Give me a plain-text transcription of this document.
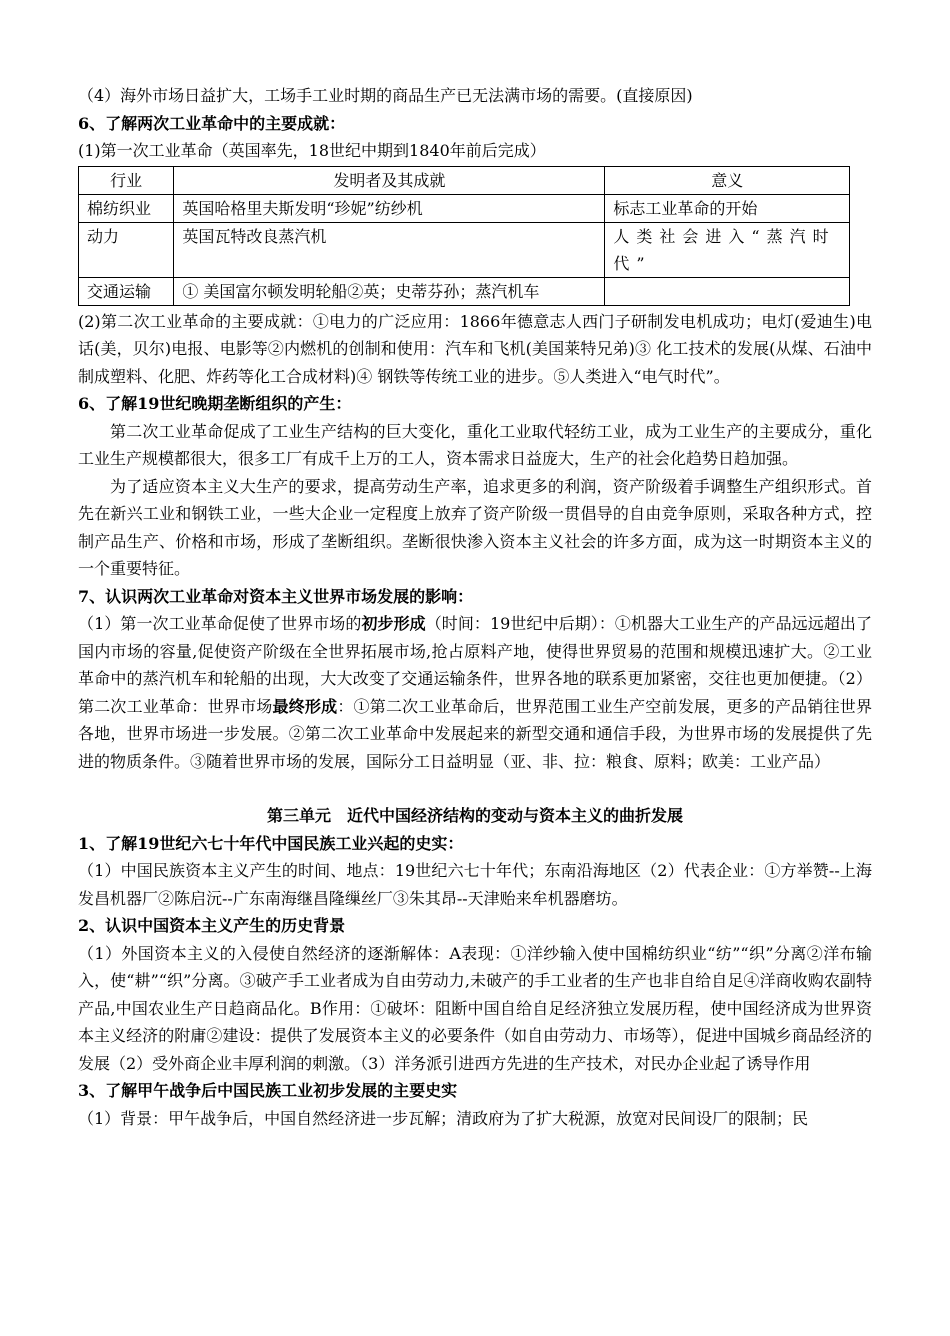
（4）海外市场日益扩大，工场手工业时期的商品生产已无法满市场的需要。(直接原因)

6、了解两次工业革命中的主要成就：

(1)第一次工业革命（英国率先，18世纪中期到1840年前后完成）

行业	发明者及其成就	意义
棉纺织业	英国哈格里夫斯发明“珍妮”纺纱机	标志工业革命的开始
动力	英国瓦特改良蒸汽机	人类社会进入“蒸汽时代”
交通运输	① 美国富尔顿发明轮船②英；史蒂芬孙；蒸汽机车	

(2)第二次工业革命的主要成就：①电力的广泛应用：1866年德意志人西门子研制发电机成功；电灯(爱迪生)电话(美，贝尔)电报、电影等②内燃机的创制和使用：汽车和飞机(美国莱特兄弟)③ 化工技术的发展(从煤、石油中制成塑料、化肥、炸药等化工合成材料)④ 钢铁等传统工业的进步。⑤人类进入“电气时代”。

6、了解19世纪晚期垄断组织的产生：

第二次工业革命促成了工业生产结构的巨大变化，重化工业取代轻纺工业，成为工业生产的主要成分，重化工业生产规模都很大，很多工厂有成千上万的工人，资本需求日益庞大，生产的社会化趋势日趋加强。

为了适应资本主义大生产的要求，提高劳动生产率，追求更多的利润，资产阶级着手调整生产组织形式。首先在新兴工业和钢铁工业，一些大企业一定程度上放弃了资产阶级一贯倡导的自由竞争原则，采取各种方式，控制产品生产、价格和市场，形成了垄断组织。垄断很快渗入资本主义社会的许多方面，成为这一时期资本主义的一个重要特征。

7、认识两次工业革命对资本主义世界市场发展的影响：

（1）第一次工业革命促使了世界市场的初步形成（时间：19世纪中后期）：①机器大工业生产的产品远远超出了国内市场的容量,促使资产阶级在全世界拓展市场,抢占原料产地，使得世界贸易的范围和规模迅速扩大。②工业革命中的蒸汽机车和轮船的出现，大大改变了交通运输条件，世界各地的联系更加紧密，交往也更加便捷。（2）第二次工业革命：世界市场最终形成：①第二次工业革命后，世界范围工业生产空前发展，更多的产品销往世界各地，世界市场进一步发展。②第二次工业革命中发展起来的新型交通和通信手段，为世界市场的发展提供了先进的物质条件。③随着世界市场的发展，国际分工日益明显（亚、非、拉：粮食、原料；欧美：工业产品）

第三单元　近代中国经济结构的变动与资本主义的曲折发展
1、了解19世纪六七十年代中国民族工业兴起的史实：

（1）中国民族资本主义产生的时间、地点：19世纪六七十年代；东南沿海地区（2）代表企业：①方举赞--上海发昌机器厂②陈启沅--广东南海继昌隆缫丝厂③朱其昂--天津贻来牟机器磨坊。

2、认识中国资本主义产生的历史背景

（1）外国资本主义的入侵使自然经济的逐渐解体：A表现：①洋纱输入使中国棉纺织业“纺”“织”分离②洋布输入，使“耕”“织”分离。③破产手工业者成为自由劳动力,未破产的手工业者的生产也非自给自足④洋商收购农副特产品,中国农业生产日趋商品化。B作用：①破坏：阻断中国自给自足经济独立发展历程，使中国经济成为世界资本主义经济的附庸②建设：提供了发展资本主义的必要条件（如自由劳动力、市场等），促进中国城乡商品经济的发展（2）受外商企业丰厚利润的刺激。（3）洋务派引进西方先进的生产技术，对民办企业起了诱导作用

3、了解甲午战争后中国民族工业初步发展的主要史实

（1）背景：甲午战争后，中国自然经济进一步瓦解；清政府为了扩大税源，放宽对民间设厂的限制；民
